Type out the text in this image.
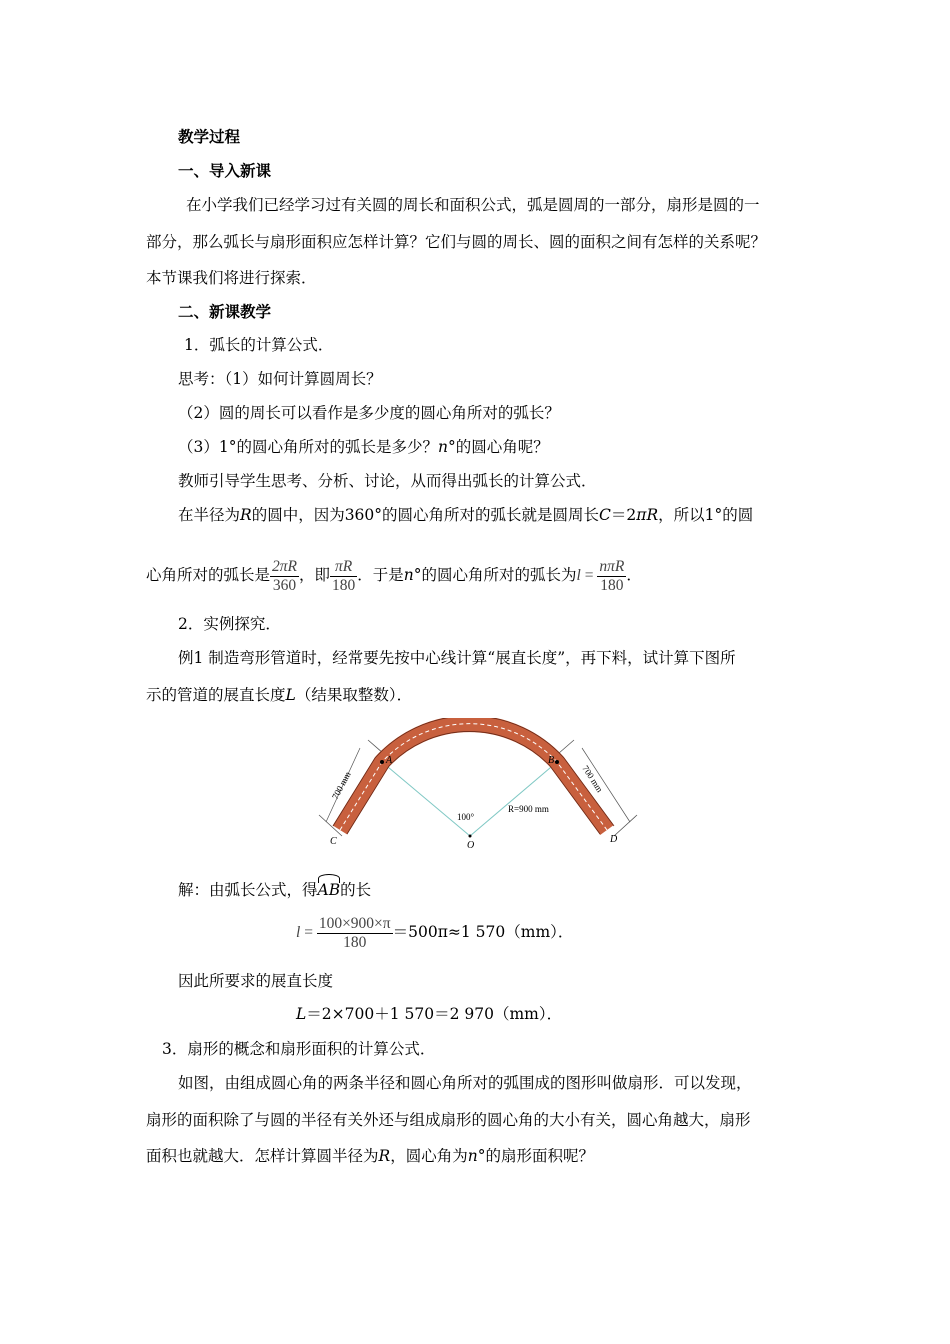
教学过程
一、导入新课
在小学我们已经学习过有关圆的周长和面积公式，弧是圆周的一部分，扇形是圆的一
部分，那么弧长与扇形面积应怎样计算？它们与圆的周长、圆的面积之间有怎样的关系呢？
本节课我们将进行探索．
二、新课教学
1．弧长的计算公式．
思考：（1）如何计算圆周长？
（2）圆的周长可以看作是多少度的圆心角所对的弧长？
（3）1°的圆心角所对的弧长是多少？n°的圆心角呢？
教师引导学生思考、分析、讨论，从而得出弧长的计算公式．
在半径为R的圆中，因为360°的圆心角所对的弧长就是圆周长C＝2πR，所以1°的圆
心角所对的弧长是 $\frac{2\pi R}{360}$ ，即 $\frac{\pi R}{180}$ ．于是n°的圆心角所对的弧长为$l = \frac{\text{nπR}}{180}$ ．
2．实例探究．
例1 制造弯形管道时，经常要先按中心线计算“展直长度”，再下料，试计算下图所
示的管道的展直长度L（结果取整数）．
A	B
C	D
O
100°
R=900 mm
700 mm	700 mm
解：由弧长公式，得
AB的长
$l = \frac{100\times 900\times\pi}{180} =500\pi\approx 1$ 570（mm）．
因此所要求的展直长度
L＝2×700＋1 570＝2 970（mm）．
3．扇形的概念和扇形面积的计算公式．
如图，由组成圆心角的两条半径和圆心角所对的弧围成的图形叫做扇形．可以发现，
扇形的面积除了与圆的半径有关外还与组成扇形的圆心角的大小有关，圆心角越大，扇形
面积也就越大．怎样计算圆半径为R，圆心角为n°的扇形面积呢？
